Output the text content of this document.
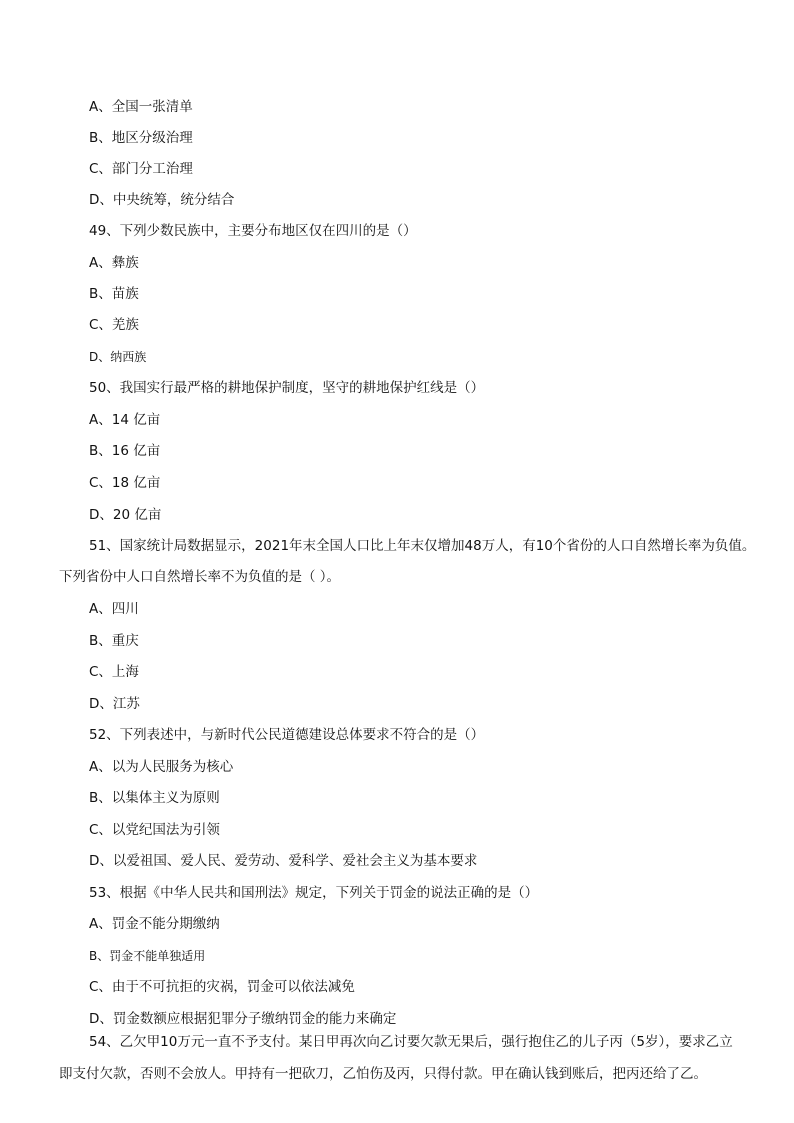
A、全国一张清单
B、地区分级治理
C、部门分工治理
D、中央统筹，统分结合
49、下列少数民族中，主要分布地区仅在四川的是（）
A、彝族
B、苗族
C、羌族
D、纳西族
50、我国实行最严格的耕地保护制度，坚守的耕地保护红线是（）
A、14 亿亩
B、16 亿亩
C、18 亿亩
D、20 亿亩
51、国家统计局数据显示，2021年末全国人口比上年末仅增加48万人，有10个省份的人口自然增长率为负值。
下列省份中人口自然增长率不为负值的是（ ）。
A、四川
B、重庆
C、上海
D、江苏
52、下列表述中，与新时代公民道德建设总体要求不符合的是（）
A、以为人民服务为核心
B、以集体主义为原则
C、以党纪国法为引领
D、以爱祖国、爱人民、爱劳动、爱科学、爱社会主义为基本要求
53、根据《中华人民共和国刑法》规定，下列关于罚金的说法正确的是（）
A、罚金不能分期缴纳
B、罚金不能单独适用
C、由于不可抗拒的灾祸，罚金可以依法减免
D、罚金数额应根据犯罪分子缴纳罚金的能力来确定
54、乙欠甲10万元一直不予支付。某日甲再次向乙讨要欠款无果后，强行抱住乙的儿子丙（5岁），要求乙立
即支付欠款，否则不会放人。甲持有一把砍刀，乙怕伤及丙，只得付款。甲在确认钱到账后，把丙还给了乙。
